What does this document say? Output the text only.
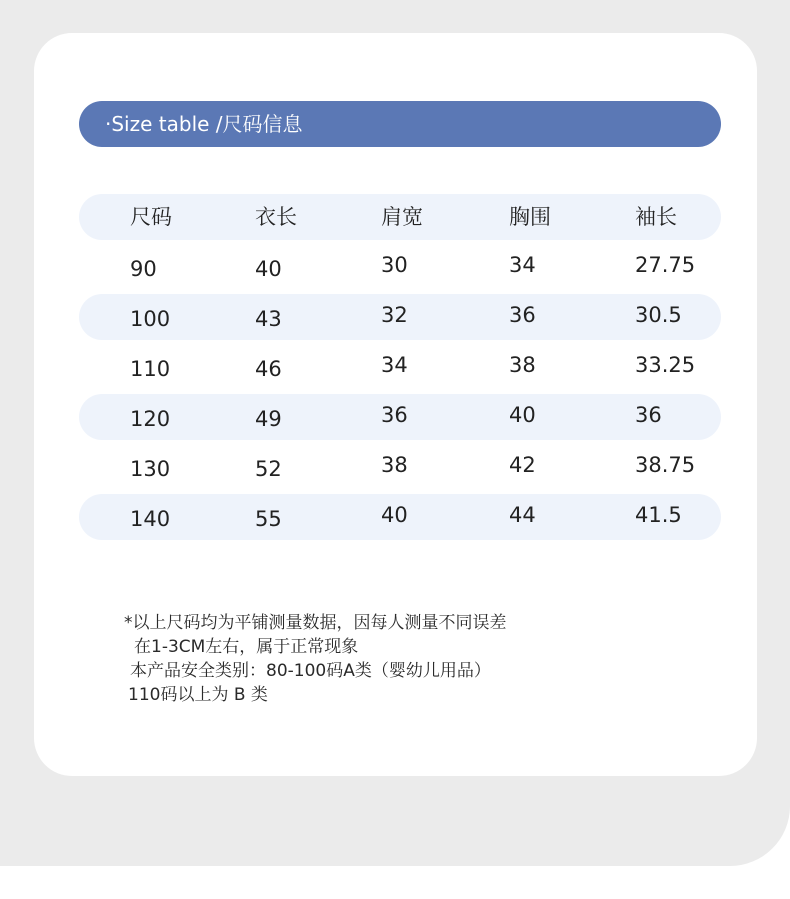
·Size table /尺码信息
尺码	衣长	肩宽	胸围	袖长
90	40	30	34	27.75
100	43	32	36	30.5
110	46	34	38	33.25
120	49	36	40	36
130	52	38	42	38.75
140	55	40	44	41.5
*以上尺码均为平铺测量数据，因每人测量不同误差
在1-3CM左右，属于正常现象
本产品安全类别：80-100码A类（婴幼儿用品）
110码以上为 B 类
